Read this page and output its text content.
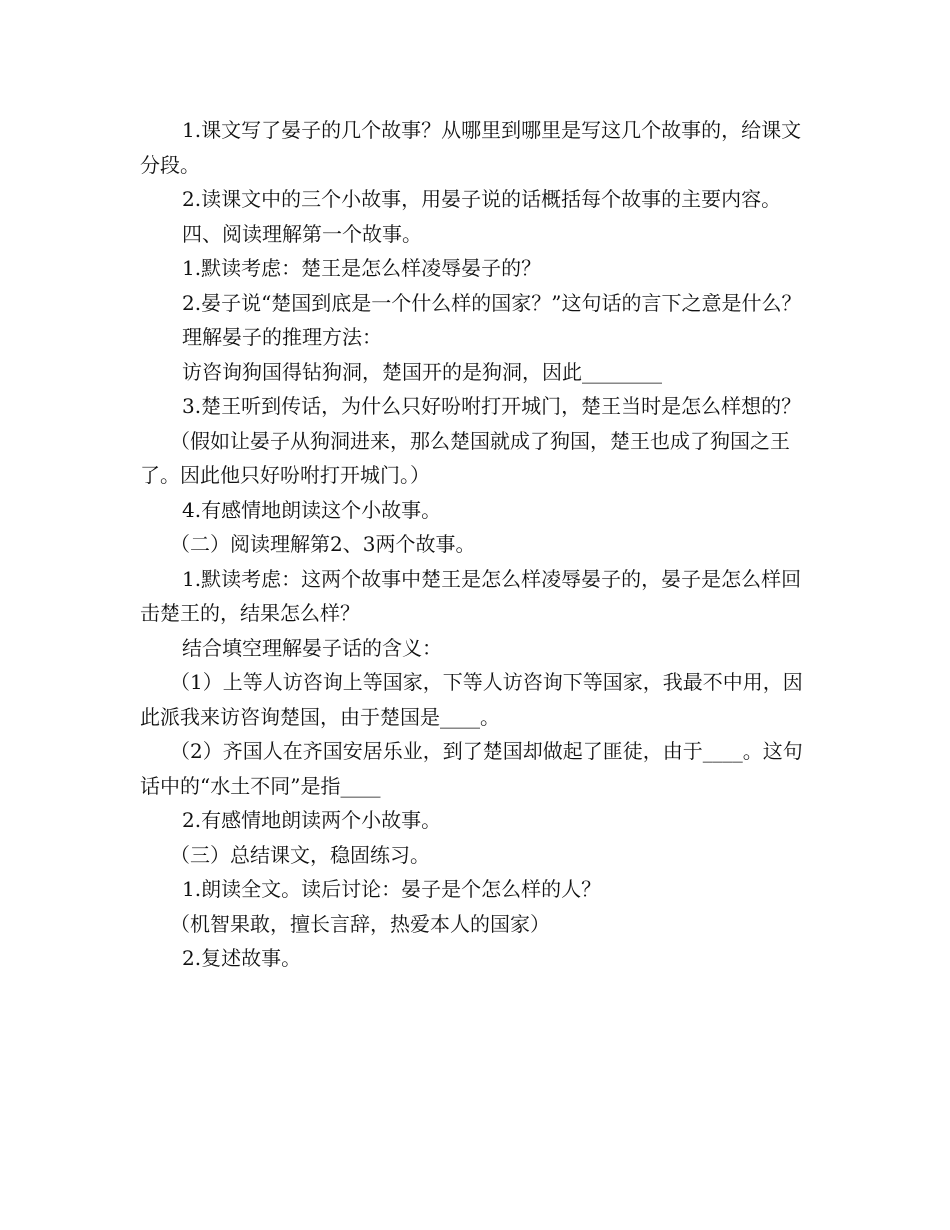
1.课文写了晏子的几个故事？从哪里到哪里是写这几个故事的，给课文分段。

2.读课文中的三个小故事，用晏子说的话概括每个故事的主要内容。

四、阅读理解第一个故事。

1.默读考虑：楚王是怎么样凌辱晏子的？

2.晏子说“楚国到底是一个什么样的国家？”这句话的言下之意是什么？

理解晏子的推理方法：

访咨询狗国得钻狗洞，楚国开的是狗洞，因此________

3.楚王听到传话，为什么只好吩咐打开城门，楚王当时是怎么样想的？

（假如让晏子从狗洞进来，那么楚国就成了狗国，楚王也成了狗国之王了。因此他只好吩咐打开城门。）

4.有感情地朗读这个小故事。

（二）阅读理解第2、3两个故事。

1.默读考虑：这两个故事中楚王是怎么样凌辱晏子的，晏子是怎么样回击楚王的，结果怎么样？

结合填空理解晏子话的含义：

（1）上等人访咨询上等国家，下等人访咨询下等国家，我最不中用，因此派我来访咨询楚国，由于楚国是____。

（2）齐国人在齐国安居乐业，到了楚国却做起了匪徒，由于____。这句话中的“水土不同”是指____

2.有感情地朗读两个小故事。

（三）总结课文，稳固练习。

1.朗读全文。读后讨论：晏子是个怎么样的人？

（机智果敢，擅长言辞，热爱本人的国家）

2.复述故事。
